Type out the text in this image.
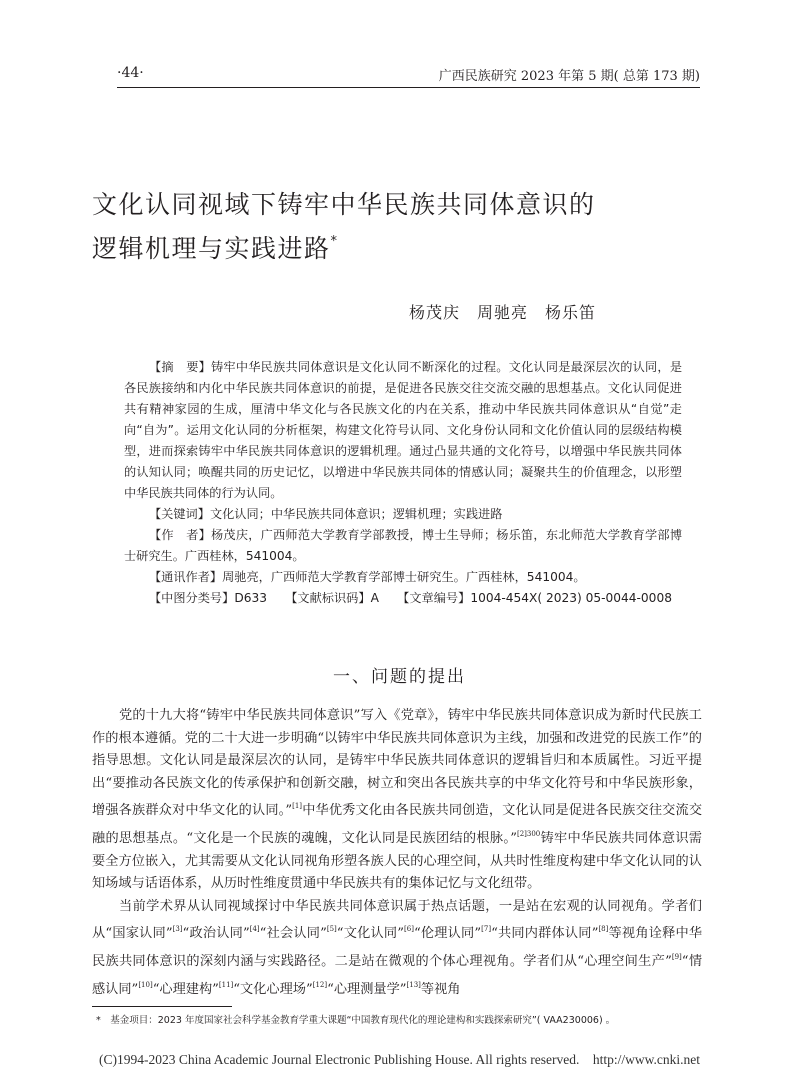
·44·	广西民族研究 2023 年第 5 期( 总第 173 期)
文化认同视域下铸牢中华民族共同体意识的
逻辑机理与实践进路*
杨茂庆　周驰亮　杨乐笛

【摘　要】铸牢中华民族共同体意识是文化认同不断深化的过程。文化认同是最深层次的认同，是各民族接纳和内化中华民族共同体意识的前提，是促进各民族交往交流交融的思想基点。文化认同促进共有精神家园的生成，厘清中华文化与各民族文化的内在关系，推动中华民族共同体意识从“自觉”走向“自为”。运用文化认同的分析框架，构建文化符号认同、文化身份认同和文化价值认同的层级结构模型，进而探索铸牢中华民族共同体意识的逻辑机理。通过凸显共通的文化符号，以增强中华民族共同体的认知认同；唤醒共同的历史记忆，以增进中华民族共同体的情感认同；凝聚共生的价值理念，以形塑中华民族共同体的行为认同。

【关键词】文化认同；中华民族共同体意识；逻辑机理；实践进路

【作　者】杨茂庆，广西师范大学教育学部教授，博士生导师；杨乐笛，东北师范大学教育学部博士研究生。广西桂林，541004。

【通讯作者】周驰亮，广西师范大学教育学部博士研究生。广西桂林，541004。

【中图分类号】D633　　 【文献标识码】A　　 【文章编号】1004-454X( 2023) 05-0044-0008

一、问题的提出

党的十九大将“铸牢中华民族共同体意识”写入《党章》，铸牢中华民族共同体意识成为新时代民族工作的根本遵循。党的二十大进一步明确“以铸牢中华民族共同体意识为主线，加强和改进党的民族工作”的指导思想。文化认同是最深层次的认同，是铸牢中华民族共同体意识的逻辑旨归和本质属性。习近平提出“要推动各民族文化的传承保护和创新交融，树立和突出各民族共享的中华文化符号和中华民族形象，增强各族群众对中华文化的认同。”[1]中华优秀文化由各民族共同创造，文化认同是促进各民族交往交流交融的思想基点。“文化是一个民族的魂魄，文化认同是民族团结的根脉。”$^{[2]300}$铸牢中华民族共同体意识需要全方位嵌入，尤其需要从文化认同视角形塑各族人民的心理空间，从共时性维度构建中华文化认同的认知场域与话语体系，从历时性维度贯通中华民族共有的集体记忆与文化纽带。

当前学术界从认同视域探讨中华民族共同体意识属于热点话题，一是站在宏观的认同视角。学者们从“国家认同”[3]“政治认同”[4]“社会认同”[5]“文化认同”[6]“伦理认同”[7]“共同内群体认同”[8]等视角诠释中华民族共同体意识的深刻内涵与实践路径。二是站在微观的个体心理视角。学者们从“心理空间生产”[9]“情感认同”[10]“心理建构”[11]“文化心理场”[12]“心理测量学”[13]等视角

*　 基金项目：2023 年度国家社会科学基金教育学重大课题“中国教育现代化的理论建构和实践探索研究”( VAA230006) 。
(C)1994-2023 China Academic Journal Electronic Publishing House. All rights reserved.　http://www.cnki.net
